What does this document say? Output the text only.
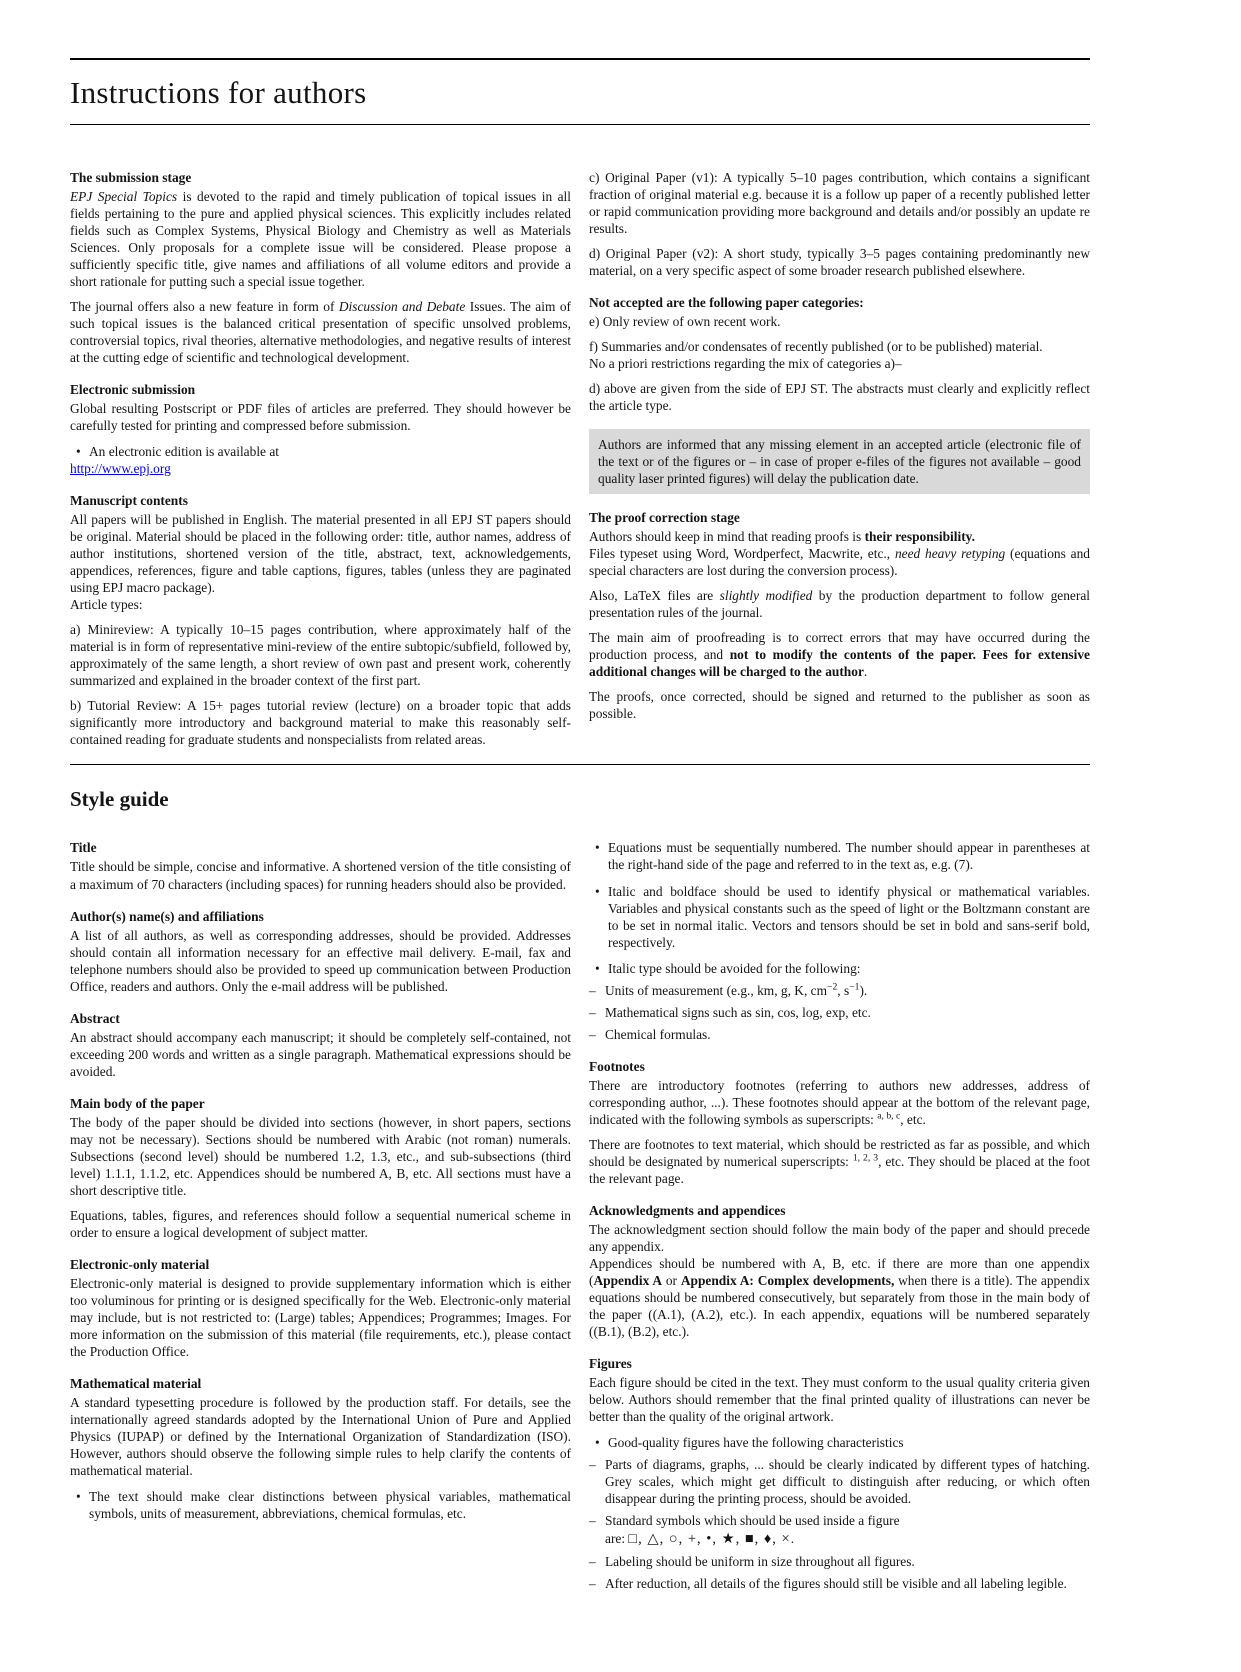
Instructions for authors
The submission stage
EPJ Special Topics is devoted to the rapid and timely publication of topical issues in all fields pertaining to the pure and applied physical sciences. This explicitly includes related fields such as Complex Systems, Physical Biology and Chemistry as well as Materials Sciences. Only proposals for a complete issue will be considered. Please propose a sufficiently specific title, give names and affiliations of all volume editors and provide a short rationale for putting such a special issue together.
The journal offers also a new feature in form of Discussion and Debate Issues. The aim of such topical issues is the balanced critical presentation of specific unsolved problems, controversial topics, rival theories, alternative methodologies, and negative results of interest at the cutting edge of scientific and technological development.
Electronic submission
Global resulting Postscript or PDF files of articles are preferred. They should however be carefully tested for printing and compressed before submission.
• An electronic edition is available at
http://www.epj.org
Manuscript contents
All papers will be published in English. The material presented in all EPJ ST papers should be original. Material should be placed in the following order: title, author names, address of author institutions, shortened version of the title, abstract, text, acknowledgements, appendices, references, figure and table captions, figures, tables (unless they are paginated using EPJ macro package).
Article types:
a) Minireview: A typically 10–15 pages contribution, where approximately half of the material is in form of representative mini-review of the entire subtopic/subfield, followed by, approximately of the same length, a short review of own past and present work, coherently summarized and explained in the broader context of the first part.
b) Tutorial Review: A 15+ pages tutorial review (lecture) on a broader topic that adds significantly more introductory and background material to make this reasonably self-contained reading for graduate students and nonspecialists from related areas.
c) Original Paper (v1): A typically 5–10 pages contribution, which contains a significant fraction of original material e.g. because it is a follow up paper of a recently published letter or rapid communication providing more background and details and/or possibly an update re results.
d) Original Paper (v2): A short study, typically 3–5 pages containing predominantly new material, on a very specific aspect of some broader research published elsewhere.
Not accepted are the following paper categories:
e) Only review of own recent work.
f) Summaries and/or condensates of recently published (or to be published) material.
No a priori restrictions regarding the mix of categories a)–
d) above are given from the side of EPJ ST. The abstracts must clearly and explicitly reflect the article type.
Authors are informed that any missing element in an accepted article (electronic file of the text or of the figures or – in case of proper e-files of the figures not available – good quality laser printed figures) will delay the publication date.
The proof correction stage
Authors should keep in mind that reading proofs is their responsibility.
Files typeset using Word, Wordperfect, Macwrite, etc., need heavy retyping (equations and special characters are lost during the conversion process).
Also, LaTeX files are slightly modified by the production department to follow general presentation rules of the journal.
The main aim of proofreading is to correct errors that may have occurred during the production process, and not to modify the contents of the paper. Fees for extensive additional changes will be charged to the author.
The proofs, once corrected, should be signed and returned to the publisher as soon as possible.
Style guide
Title
Title should be simple, concise and informative. A shortened version of the title consisting of a maximum of 70 characters (including spaces) for running headers should also be provided.
Author(s) name(s) and affiliations
A list of all authors, as well as corresponding addresses, should be provided. Addresses should contain all information necessary for an effective mail delivery. E-mail, fax and telephone numbers should also be provided to speed up communication between Production Office, readers and authors. Only the e-mail address will be published.
Abstract
An abstract should accompany each manuscript; it should be completely self-contained, not exceeding 200 words and written as a single paragraph. Mathematical expressions should be avoided.
Main body of the paper
The body of the paper should be divided into sections (however, in short papers, sections may not be necessary). Sections should be numbered with Arabic (not roman) numerals. Subsections (second level) should be numbered 1.2, 1.3, etc., and sub-subsections (third level) 1.1.1, 1.1.2, etc. Appendices should be numbered A, B, etc. All sections must have a short descriptive title.
Equations, tables, figures, and references should follow a sequential numerical scheme in order to ensure a logical development of subject matter.
Electronic-only material
Electronic-only material is designed to provide supplementary information which is either too voluminous for printing or is designed specifically for the Web. Electronic-only material may include, but is not restricted to: (Large) tables; Appendices; Programmes; Images. For more information on the submission of this material (file requirements, etc.), please contact the Production Office.
Mathematical material
A standard typesetting procedure is followed by the production staff. For details, see the internationally agreed standards adopted by the International Union of Pure and Applied Physics (IUPAP) or defined by the International Organization of Standardization (ISO). However, authors should observe the following simple rules to help clarify the contents of mathematical material.
• The text should make clear distinctions between physical variables, mathematical symbols, units of measurement, abbreviations, chemical formulas, etc.
• Equations must be sequentially numbered. The number should appear in parentheses at the right-hand side of the page and referred to in the text as, e.g. (7).
• Italic and boldface should be used to identify physical or mathematical variables. Variables and physical constants such as the speed of light or the Boltzmann constant are to be set in normal italic. Vectors and tensors should be set in bold and sans-serif bold, respectively.
• Italic type should be avoided for the following:
– Units of measurement (e.g., km, g, K, $cm^{-2}$, $s^{-1}$).
– Mathematical signs such as sin, cos, log, exp, etc.
– Chemical formulas.
Footnotes
There are introductory footnotes (referring to authors new addresses, address of corresponding author, ...). These footnotes should appear at the bottom of the relevant page, indicated with the following symbols as superscripts: $^{a, b, c}$, etc.
There are footnotes to text material, which should be restricted as far as possible, and which should be designated by numerical superscripts: $^{1, 2, 3}$, etc. They should be placed at the foot the relevant page.
Acknowledgments and appendices
The acknowledgment section should follow the main body of the paper and should precede any appendix.
Appendices should be numbered with A, B, etc. if there are more than one appendix (Appendix A or Appendix A: Complex developments, when there is a title). The appendix equations should be numbered consecutively, but separately from those in the main body of the paper ((A.1), (A.2), etc.). In each appendix, equations will be numbered separately ((B.1), (B.2), etc.).
Figures
Each figure should be cited in the text. They must conform to the usual quality criteria given below. Authors should remember that the final printed quality of illustrations can never be better than the quality of the original artwork.
• Good-quality figures have the following characteristics
– Parts of diagrams, graphs, ... should be clearly indicated by different types of hatching. Grey scales, which might get difficult to distinguish after reducing, or which often disappear during the printing process, should be avoided.
– Standard symbols which should be used inside a figure
are: □, △, ○, +, •, ★, ■, ♦, ×.
– Labeling should be uniform in size throughout all figures.
– After reduction, all details of the figures should still be visible and all labeling legible.
